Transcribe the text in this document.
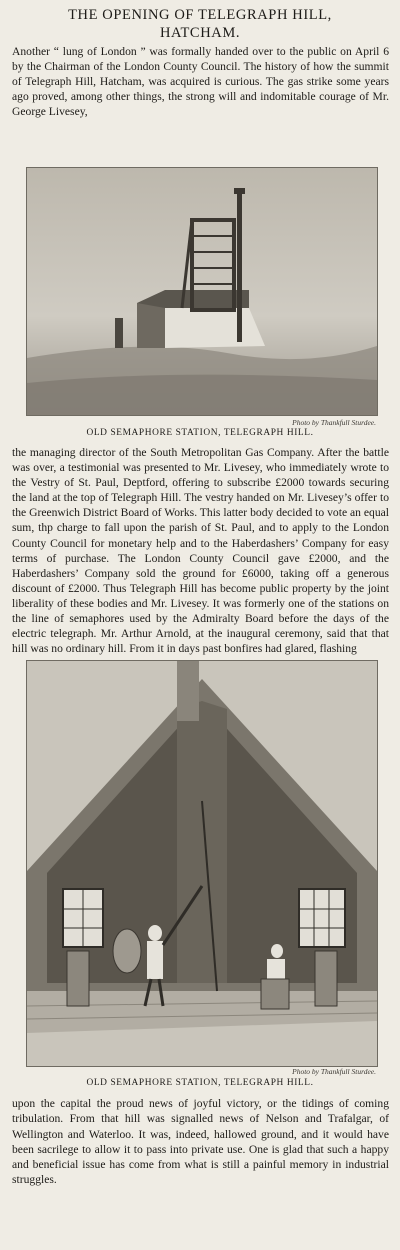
THE OPENING OF TELEGRAPH HILL,
HATCHAM.

Another “ lung of London ” was formally handed over to the public on April 6 by the Chairman of the London County Council. The history of how the summit of Telegraph Hill, Hatcham, was acquired is curious. The gas strike some years ago proved, among other things, the strong will and indomitable courage of Mr. George Livesey,

Photo by Thankfull Sturdee.
OLD SEMAPHORE STATION, TELEGRAPH HILL.

the managing director of the South Metropolitan Gas Company. After the battle was over, a testimonial was presented to Mr. Livesey, who immediately wrote to the Vestry of St. Paul, Deptford, offering to subscribe £2000 towards securing the land at the top of Telegraph Hill. The vestry handed on Mr. Livesey’s offer to the Greenwich District Board of Works. This latter body decided to vote an equal sum, thp charge to fall upon the parish of St. Paul, and to apply to the London County Council for monetary help and to the Haberdashers’ Company for easy terms of purchase. The London County Council gave £2000, and the Haberdashers’ Company sold the ground for £6000, taking off a generous discount of £2000. Thus Telegraph Hill has become public property by the joint liberality of these bodies and Mr. Livesey. It was formerly one of the stations on the line of semaphores used by the Admiralty Board before the days of the electric telegraph. Mr. Arthur Arnold, at the inaugural ceremony, said that that hill was no ordinary hill. From it in days past bonfires had glared, flashing

Photo by Thankfull Sturdee.
OLD SEMAPHORE STATION, TELEGRAPH HILL.

upon the capital the proud news of joyful victory, or the tidings of coming tribulation. From that hill was signalled news of Nelson and Trafalgar, of Wellington and Waterloo. It was, indeed, hallowed ground, and it would have been sacrilege to allow it to pass into private use. One is glad that such a happy and beneficial issue has come from what is still a painful memory in industrial struggles.
